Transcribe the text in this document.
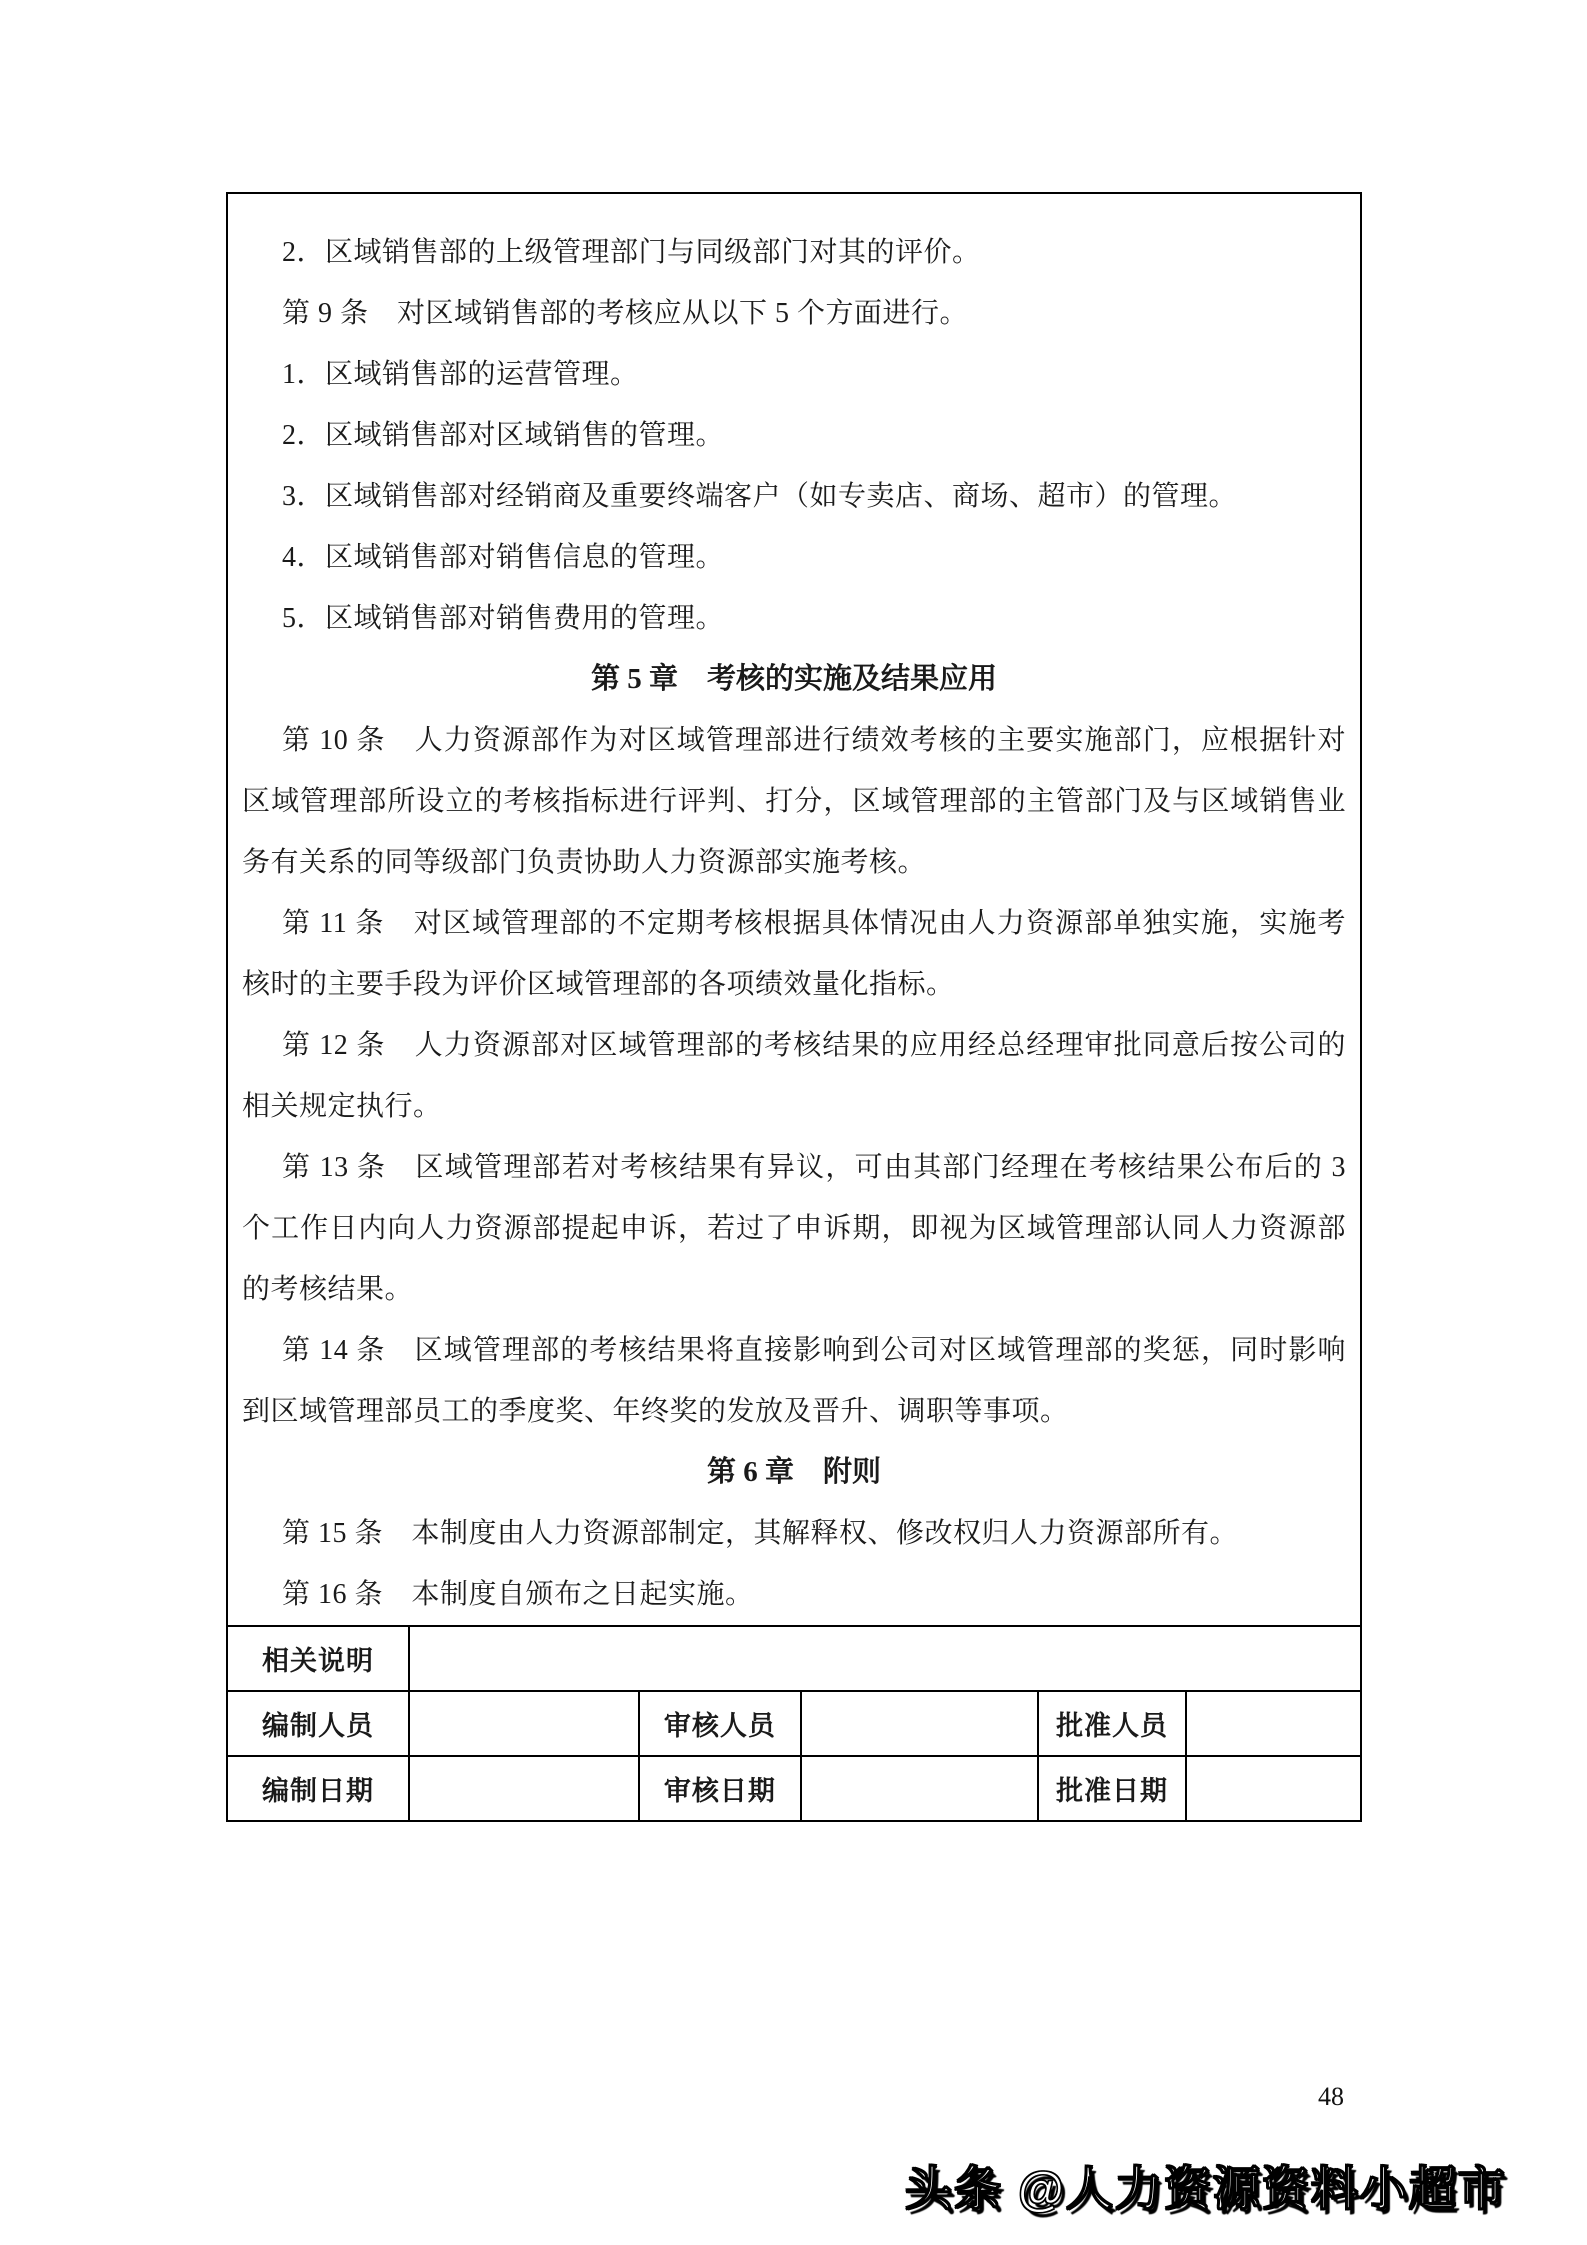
2．区域销售部的上级管理部门与同级部门对其的评价。

第 9 条　对区域销售部的考核应从以下 5 个方面进行。

1．区域销售部的运营管理。

2．区域销售部对区域销售的管理。

3．区域销售部对经销商及重要终端客户（如专卖店、商场、超市）的管理。

4．区域销售部对销售信息的管理。

5．区域销售部对销售费用的管理。

第 5 章　考核的实施及结果应用

第 10 条　人力资源部作为对区域管理部进行绩效考核的主要实施部门，应根据针对区域管理部所设立的考核指标进行评判、打分，区域管理部的主管部门及与区域销售业务有关系的同等级部门负责协助人力资源部实施考核。

第 11 条　对区域管理部的不定期考核根据具体情况由人力资源部单独实施，实施考核时的主要手段为评价区域管理部的各项绩效量化指标。

第 12 条　人力资源部对区域管理部的考核结果的应用经总经理审批同意后按公司的相关规定执行。

第 13 条　区域管理部若对考核结果有异议，可由其部门经理在考核结果公布后的 3 个工作日内向人力资源部提起申诉，若过了申诉期，即视为区域管理部认同人力资源部的考核结果。

第 14 条　区域管理部的考核结果将直接影响到公司对区域管理部的奖惩，同时影响到区域管理部员工的季度奖、年终奖的发放及晋升、调职等事项。

第 6 章　附则

第 15 条　本制度由人力资源部制定，其解释权、修改权归人力资源部所有。

第 16 条　本制度自颁布之日起实施。

相关说明					
编制人员		审核人员		批准人员	
编制日期		审核日期		批准日期	
48
头条 @人力资源资料小超市
